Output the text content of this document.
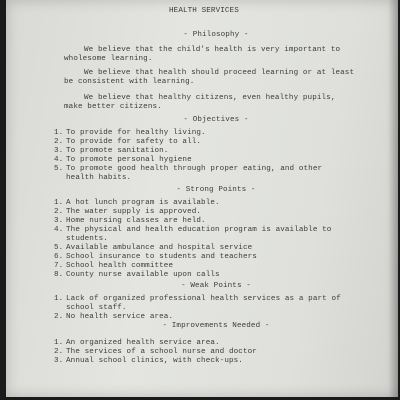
HEALTH SERVICES
- Philosophy -
We believe that the child's health is very important to
wholesome learning.
We believe that health should proceed learning or at least
be consistent with learning.
We believe that healthy citizens, even healthy pupils,
make better citizens.
- Objectives -
1. To provide for healthy living.
2. To provide for safety to all.
3. To promote sanitation.
4. To promote personal hygiene
5. To promote good health through proper eating, and other
health habits.
- Strong Points -
1. A hot lunch program is available.
2. The water supply is approved.
3. Home nursing classes are held.
4. The physical and health education program is available to
students.
5. Available ambulance and hospital service
6. School insurance to students and teachers
7. School health committee
8. County nurse available upon calls
- Weak Points -
1. Lack of organized professional health services as a part of
school staff.
2. No health service area.
- Improvements Needed -
1. An organized health service area.
2. The services of a school nurse and doctor
3. Annual school clinics, with check-ups.
